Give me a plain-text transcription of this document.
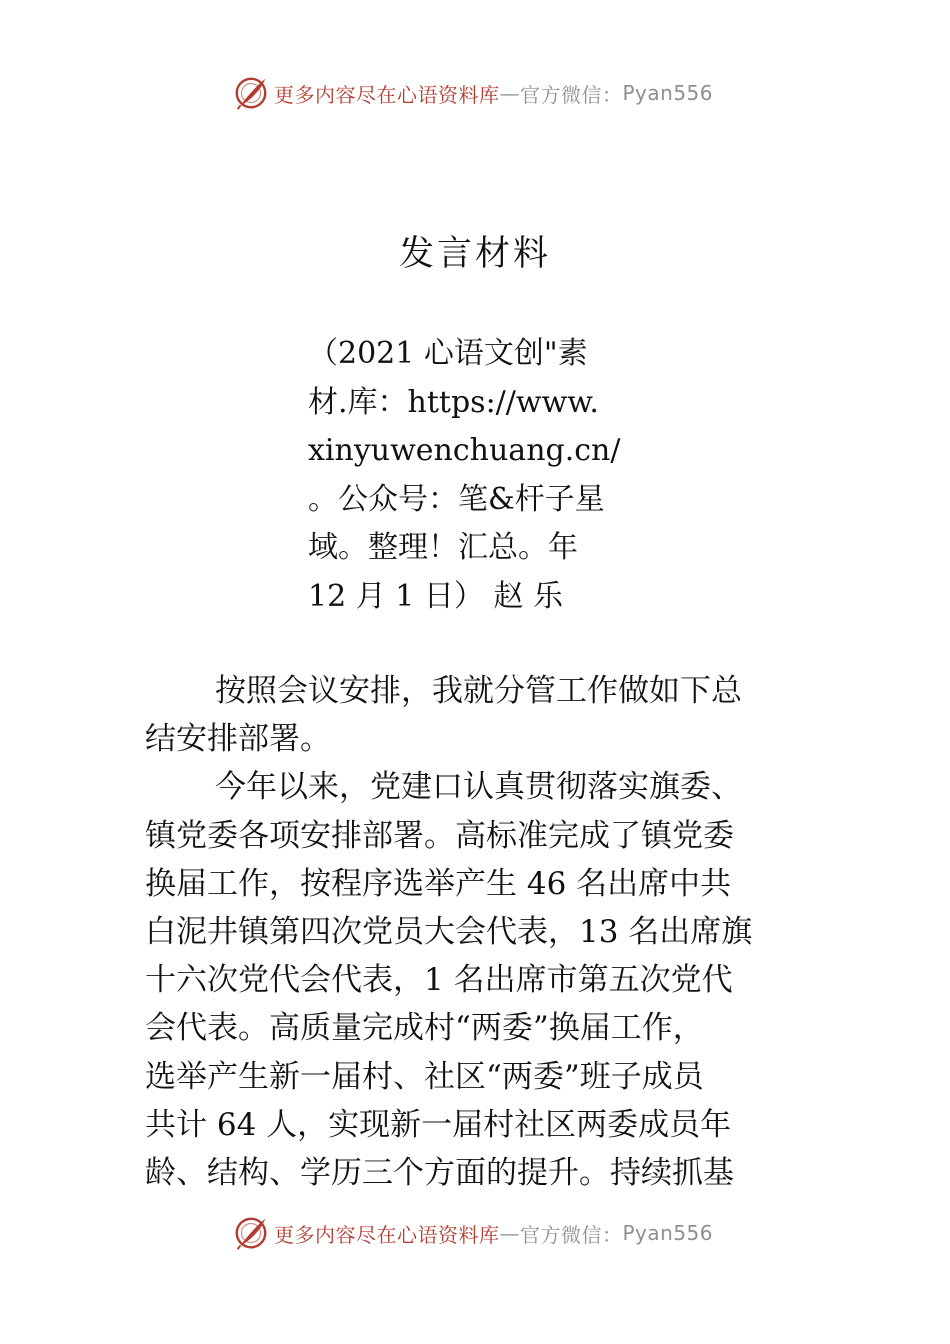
更多内容尽在心语资料库 — 官方微信： Pyan556
发言材料
（2021 心语文创"素
材.库：https://www.
xinyuwenchuang.cn/
。公众号：笔&杆子星
域。整理！汇总。年
12 月 1 日） 赵 乐
按照会议安排，我就分管工作做如下总
结安排部署。
今年以来，党建口认真贯彻落实旗委、
镇党委各项安排部署。高标准完成了镇党委
换届工作，按程序选举产生 46 名出席中共
白泥井镇第四次党员大会代表，13 名出席旗
十六次党代会代表，1 名出席市第五次党代
会代表。高质量完成村“两委”换届工作，
选举产生新一届村、社区“两委”班子成员
共计 64 人，实现新一届村社区两委成员年
龄、结构、学历三个方面的提升。持续抓基
更多内容尽在心语资料库 — 官方微信： Pyan556
